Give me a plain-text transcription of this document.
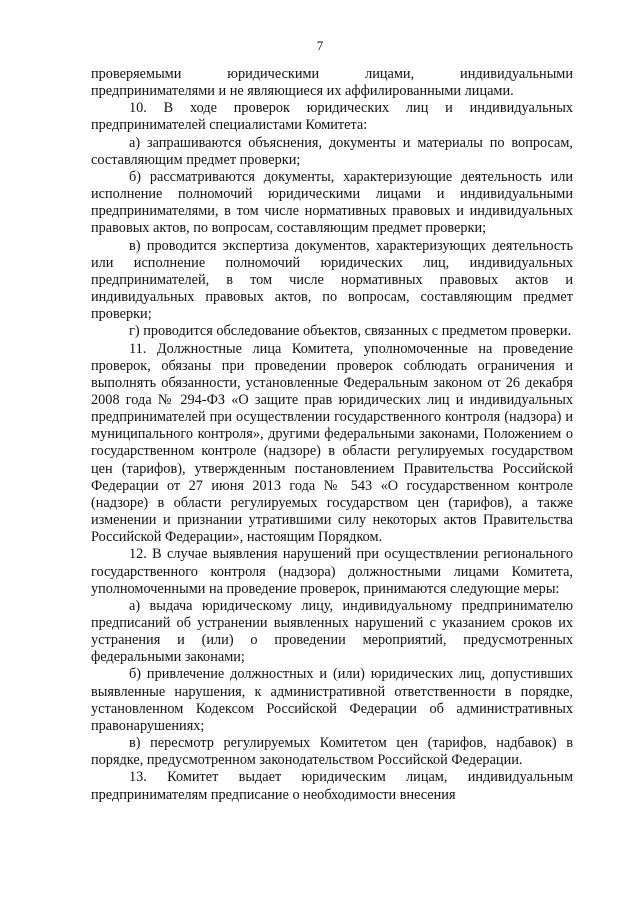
7

проверяемыми юридическими лицами, индивидуальными предпринимателями и не являющиеся их аффилированными лицами.

10. В ходе проверок юридических лиц и индивидуальных предпринимателей специалистами Комитета:

а) запрашиваются объяснения, документы и материалы по вопросам, составляющим предмет проверки;

б) рассматриваются документы, характеризующие деятельность или исполнение полномочий юридическими лицами и индивидуальными предпринимателями, в том числе нормативных правовых и индивидуальных правовых актов, по вопросам, составляющим предмет проверки;

в) проводится экспертиза документов, характеризующих деятельность или исполнение полномочий юридических лиц, индивидуальных предпринимателей, в том числе нормативных правовых актов и индивидуальных правовых актов, по вопросам, составляющим предмет проверки;

г) проводится обследование объектов, связанных с предметом проверки.

11. Должностные лица Комитета, уполномоченные на проведение проверок, обязаны при проведении проверок соблюдать ограничения и выполнять обязанности, установленные Федеральным законом от 26 декабря 2008 года № 294-ФЗ «О защите прав юридических лиц и индивидуальных предпринимателей при осуществлении государственного контроля (надзора) и муниципального контроля», другими федеральными законами, Положением о государственном контроле (надзоре) в области регулируемых государством цен (тарифов), утвержденным постановлением Правительства Российской Федерации от 27 июня 2013 года № 543 «О государственном контроле (надзоре) в области регулируемых государством цен (тарифов), а также изменении и признании утратившими силу некоторых актов Правительства Российской Федерации», настоящим Порядком.

12. В случае выявления нарушений при осуществлении регионального государственного контроля (надзора) должностными лицами Комитета, уполномоченными на проведение проверок, принимаются следующие меры:

а) выдача юридическому лицу, индивидуальному предпринимателю предписаний об устранении выявленных нарушений с указанием сроков их устранения и (или) о проведении мероприятий, предусмотренных федеральными законами;

б) привлечение должностных и (или) юридических лиц, допустивших выявленные нарушения, к административной ответственности в порядке, установленном Кодексом Российской Федерации об административных правонарушениях;

в) пересмотр регулируемых Комитетом цен (тарифов, надбавок) в порядке, предусмотренном законодательством Российской Федерации.

13. Комитет выдает юридическим лицам, индивидуальным предпринимателям предписание о необходимости внесения
